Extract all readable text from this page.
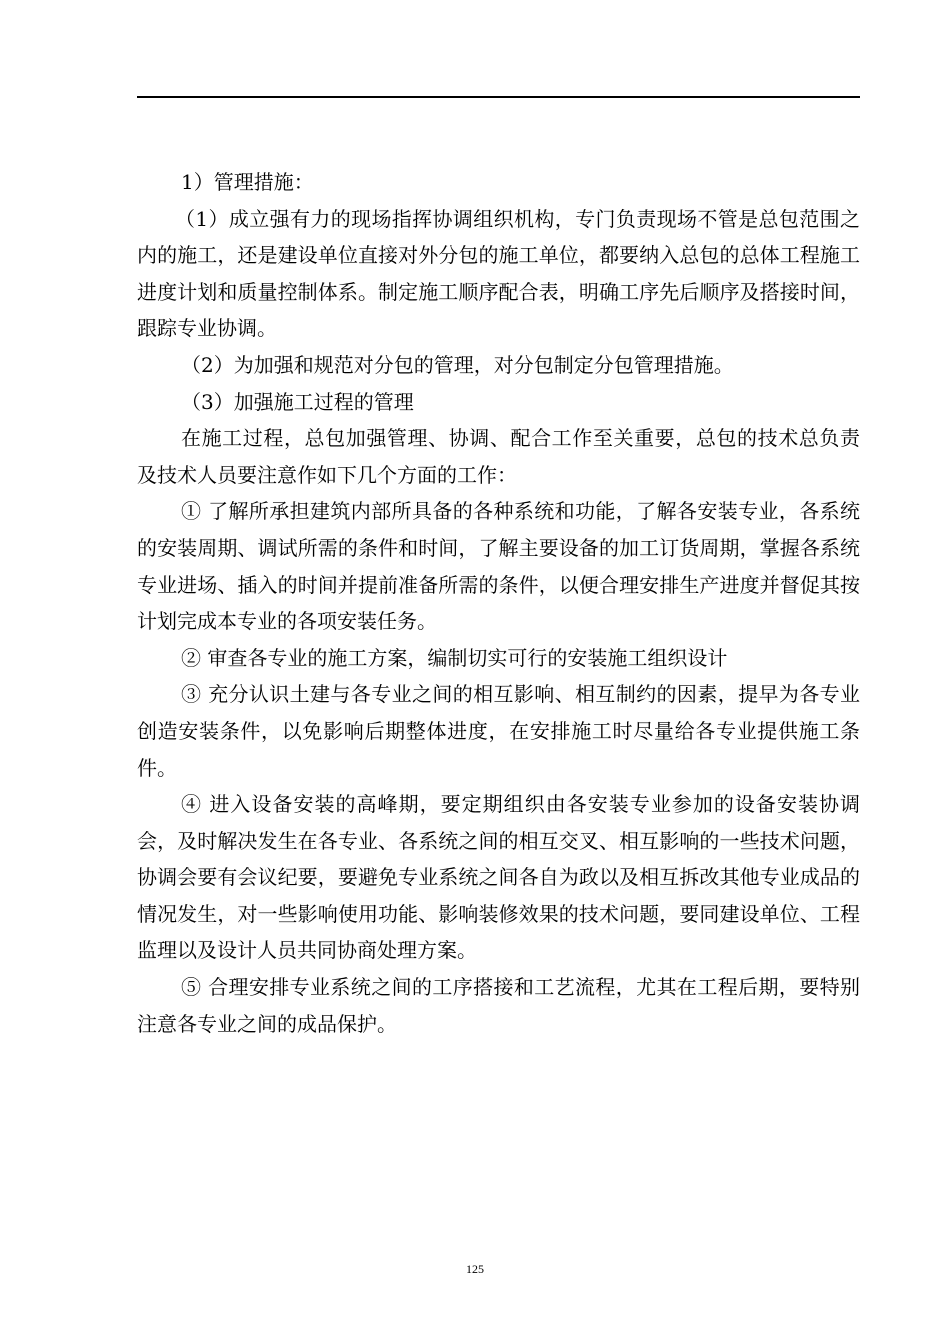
1）管理措施：

（1）成立强有力的现场指挥协调组织机构，专门负责现场不管是总包范围之内的施工，还是建设单位直接对外分包的施工单位，都要纳入总包的总体工程施工进度计划和质量控制体系。制定施工顺序配合表，明确工序先后顺序及搭接时间，跟踪专业协调。

（2）为加强和规范对分包的管理，对分包制定分包管理措施。

（3）加强施工过程的管理

在施工过程，总包加强管理、协调、配合工作至关重要，总包的技术总负责及技术人员要注意作如下几个方面的工作：

① 了解所承担建筑内部所具备的各种系统和功能，了解各安装专业，各系统的安装周期、调试所需的条件和时间，了解主要设备的加工订货周期，掌握各系统专业进场、插入的时间并提前准备所需的条件，以便合理安排生产进度并督促其按计划完成本专业的各项安装任务。

② 审查各专业的施工方案，编制切实可行的安装施工组织设计

③ 充分认识土建与各专业之间的相互影响、相互制约的因素，提早为各专业创造安装条件，以免影响后期整体进度，在安排施工时尽量给各专业提供施工条件。

④ 进入设备安装的高峰期，要定期组织由各安装专业参加的设备安装协调会，及时解决发生在各专业、各系统之间的相互交叉、相互影响的一些技术问题，协调会要有会议纪要，要避免专业系统之间各自为政以及相互拆改其他专业成品的情况发生，对一些影响使用功能、影响装修效果的技术问题，要同建设单位、工程监理以及设计人员共同协商处理方案。

⑤ 合理安排专业系统之间的工序搭接和工艺流程，尤其在工程后期，要特别注意各专业之间的成品保护。

125
